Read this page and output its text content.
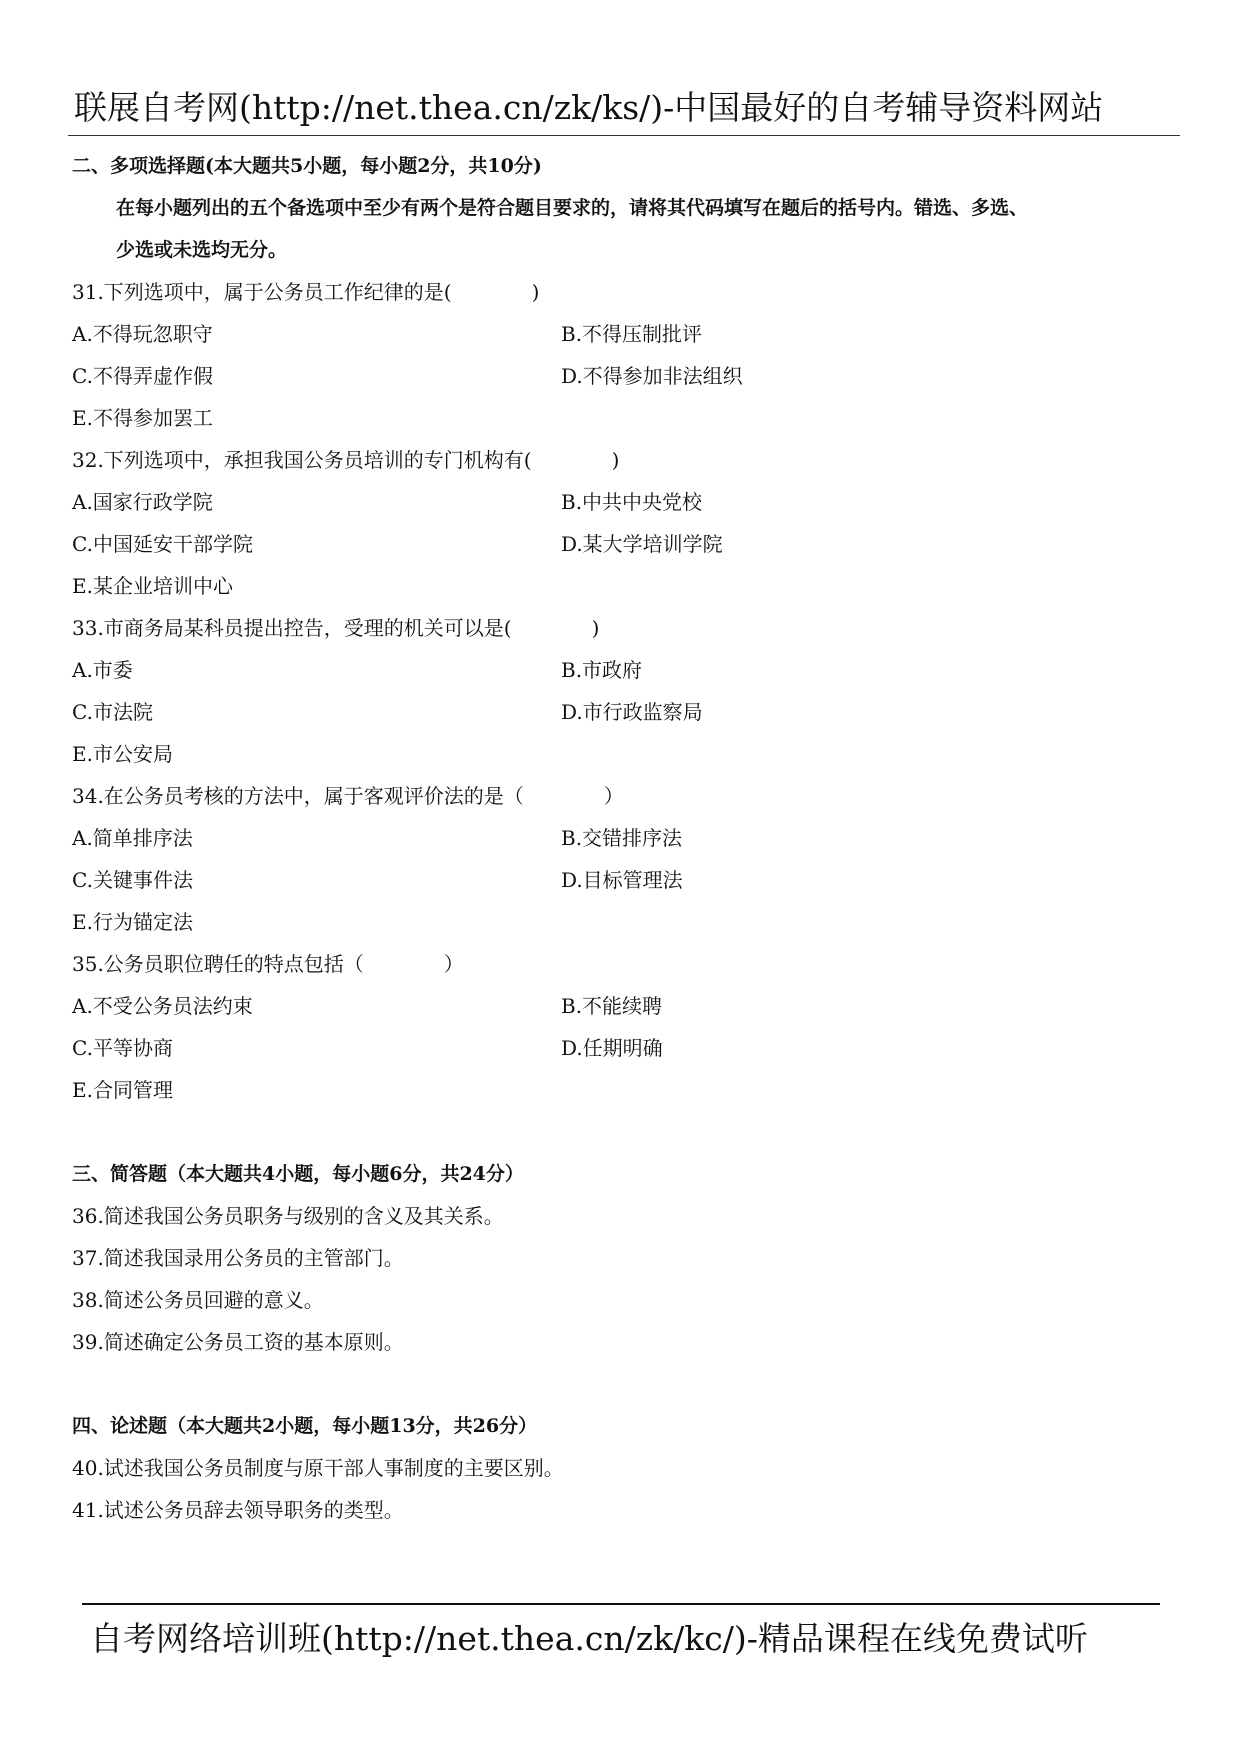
联展自考网(http://net.thea.cn/zk/ks/)-中国最好的自考辅导资料网站
二、多项选择题(本大题共5小题，每小题2分，共10分)
在每小题列出的五个备选项中至少有两个是符合题目要求的，请将其代码填写在题后的括号内。错选、多选、
少选或未选均无分。
31.下列选项中，属于公务员工作纪律的是(　　　　)
A.不得玩忽职守	B.不得压制批评
C.不得弄虚作假	D.不得参加非法组织
E.不得参加罢工
32.下列选项中，承担我国公务员培训的专门机构有(　　　　)
A.国家行政学院	B.中共中央党校
C.中国延安干部学院	D.某大学培训学院
E.某企业培训中心
33.市商务局某科员提出控告，受理的机关可以是(　　　　)
A.市委	B.市政府
C.市法院	D.市行政监察局
E.市公安局
34.在公务员考核的方法中，属于客观评价法的是（　　　　）
A.简单排序法	B.交错排序法
C.关键事件法	D.目标管理法
E.行为锚定法
35.公务员职位聘任的特点包括（　　　　）
A.不受公务员法约束	B.不能续聘
C.平等协商	D.任期明确
E.合同管理
三、简答题（本大题共4小题，每小题6分，共24分）
36.简述我国公务员职务与级别的含义及其关系。
37.简述我国录用公务员的主管部门。
38.简述公务员回避的意义。
39.简述确定公务员工资的基本原则。
四、论述题（本大题共2小题，每小题13分，共26分）
40.试述我国公务员制度与原干部人事制度的主要区别。
41.试述公务员辞去领导职务的类型。
自考网络培训班(http://net.thea.cn/zk/kc/)-精品课程在线免费试听
